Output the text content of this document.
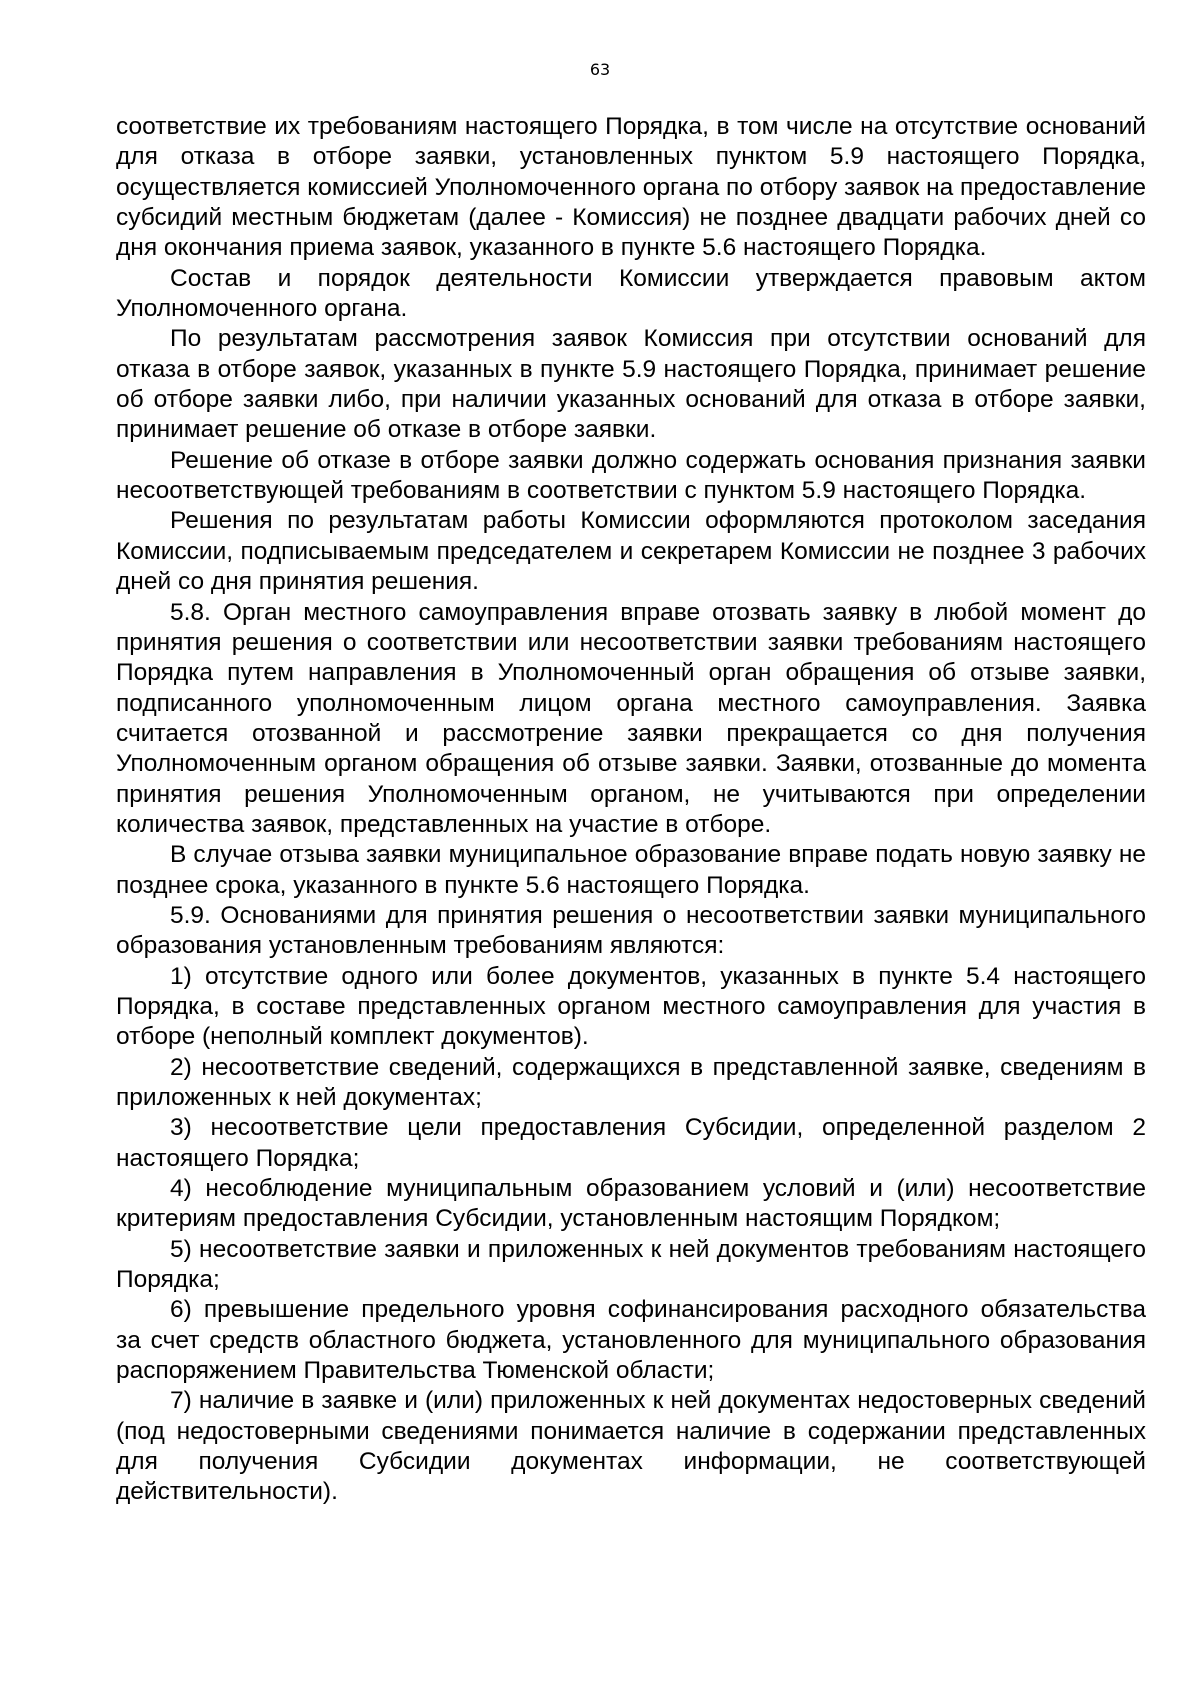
63

соответствие их требованиям настоящего Порядка, в том числе на отсутствие оснований для отказа в отборе заявки, установленных пунктом 5.9 настоящего Порядка, осуществляется комиссией Уполномоченного органа по отбору заявок на предоставление субсидий местным бюджетам (далее - Комиссия) не позднее двадцати рабочих дней со дня окончания приема заявок, указанного в пункте 5.6 настоящего Порядка.

Состав и порядок деятельности Комиссии утверждается правовым актом Уполномоченного органа.

По результатам рассмотрения заявок Комиссия при отсутствии оснований для отказа в отборе заявок, указанных в пункте 5.9 настоящего Порядка, принимает решение об отборе заявки либо, при наличии указанных оснований для отказа в отборе заявки, принимает решение об отказе в отборе заявки.

Решение об отказе в отборе заявки должно содержать основания признания заявки несоответствующей требованиям в соответствии с пунктом 5.9 настоящего Порядка.

Решения по результатам работы Комиссии оформляются протоколом заседания Комиссии, подписываемым председателем и секретарем Комиссии не позднее 3 рабочих дней со дня принятия решения.

5.8. Орган местного самоуправления вправе отозвать заявку в любой момент до принятия решения о соответствии или несоответствии заявки требованиям настоящего Порядка путем направления в Уполномоченный орган обращения об отзыве заявки, подписанного уполномоченным лицом органа местного самоуправления. Заявка считается отозванной и рассмотрение заявки прекращается со дня получения Уполномоченным органом обращения об отзыве заявки. Заявки, отозванные до момента принятия решения Уполномоченным органом, не учитываются при определении количества заявок, представленных на участие в отборе.

В случае отзыва заявки муниципальное образование вправе подать новую заявку не позднее срока, указанного в пункте 5.6 настоящего Порядка.

5.9. Основаниями для принятия решения о несоответствии заявки муниципального образования установленным требованиям являются:

1) отсутствие одного или более документов, указанных в пункте 5.4 настоящего Порядка, в составе представленных органом местного самоуправления для участия в отборе (неполный комплект документов).

2) несоответствие сведений, содержащихся в представленной заявке, сведениям в приложенных к ней документах;

3) несоответствие цели предоставления Субсидии, определенной разделом 2 настоящего Порядка;

4) несоблюдение муниципальным образованием условий и (или) несоответствие критериям предоставления Субсидии, установленным настоящим Порядком;

5) несоответствие заявки и приложенных к ней документов требованиям настоящего Порядка;

6) превышение предельного уровня софинансирования расходного обязательства за счет средств областного бюджета, установленного для муниципального образования распоряжением Правительства Тюменской области;

7) наличие в заявке и (или) приложенных к ней документах недостоверных сведений (под недостоверными сведениями понимается наличие в содержании представленных для получения Субсидии документах информации, не соответствующей действительности).
